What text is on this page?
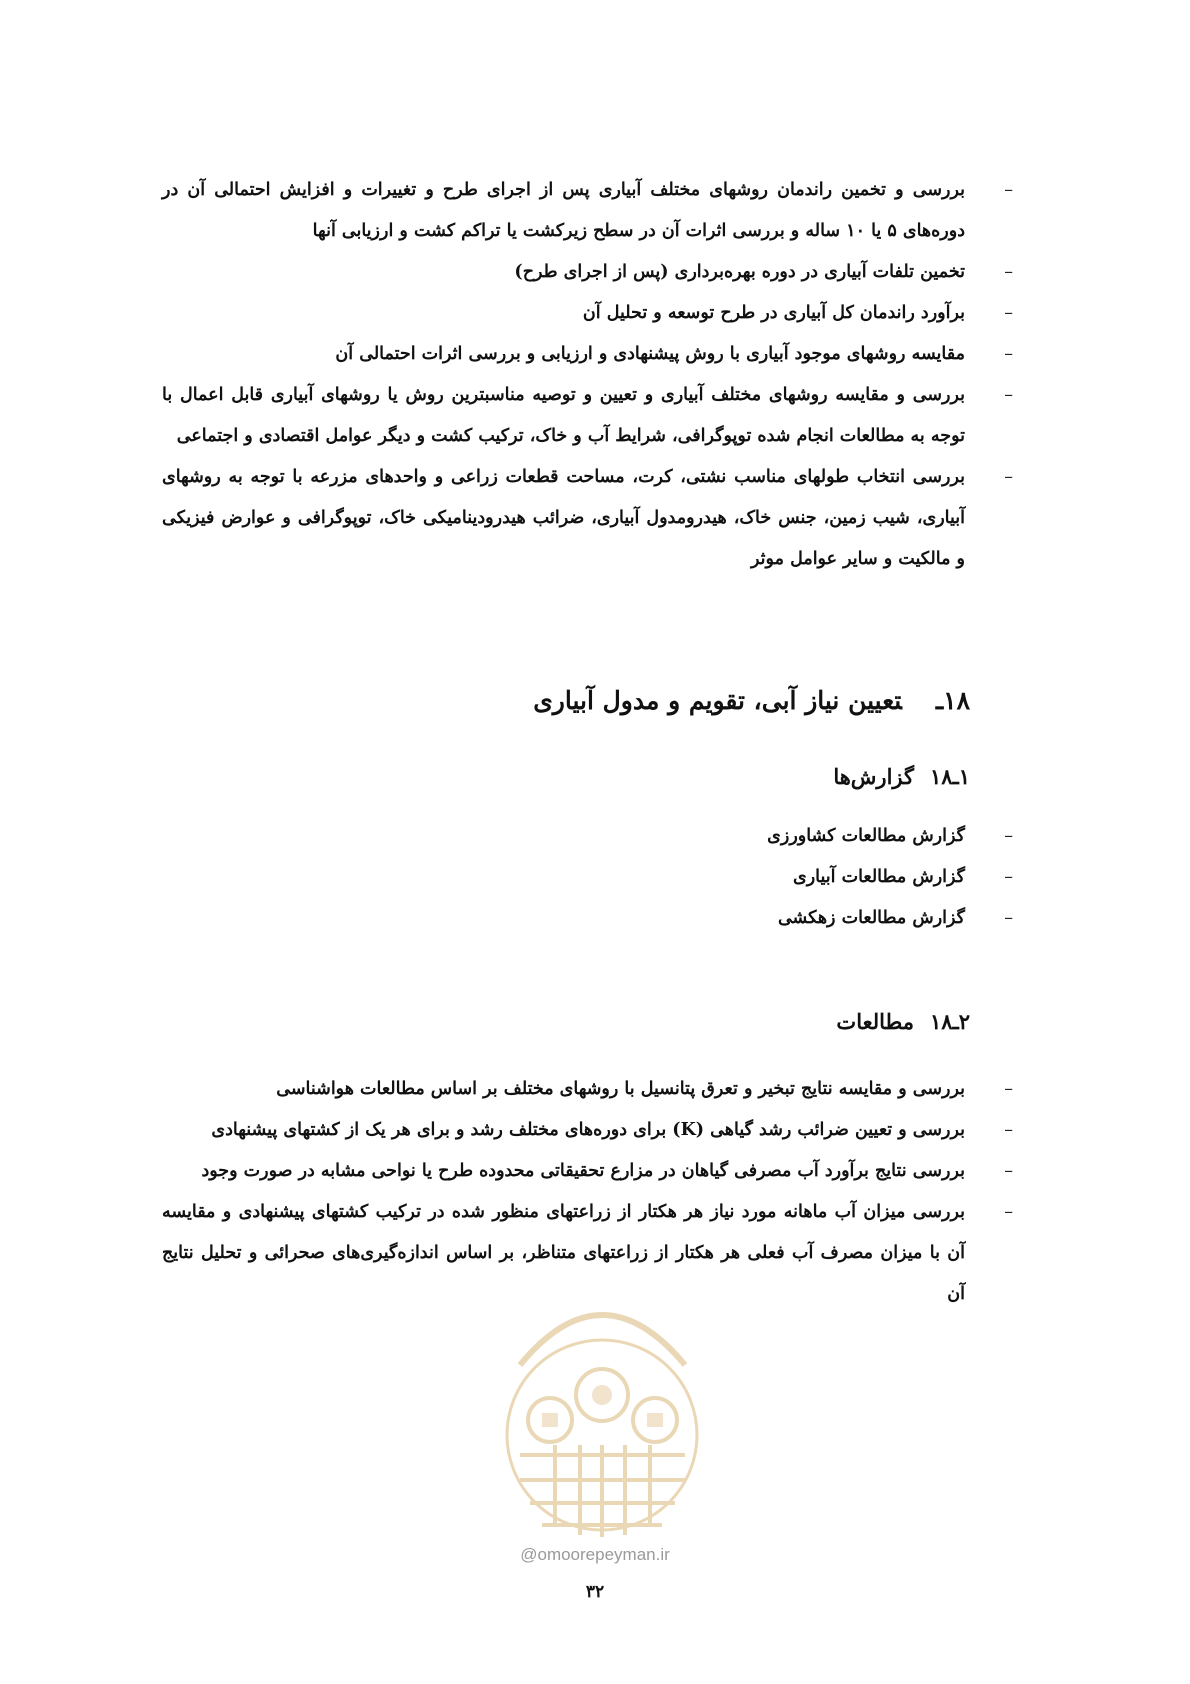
–
بررسی و تخمین راندمان روشهای مختلف آبیاری پس از اجرای طرح و تغییرات و افزایش احتمالی آن در دوره‌های ۵ یا ۱۰ ساله و بررسی اثرات آن در سطح زیرکشت یا تراکم کشت و ارزیابی آنها
–
تخمین تلفات آبیاری در دوره بهره‌برداری (پس از اجرای طرح)
–
برآورد راندمان کل آبیاری در طرح توسعه و تحلیل آن
–
مقایسه روشهای موجود آبیاری با روش پیشنهادی و ارزیابی و بررسی اثرات احتمالی آن
–
بررسی و مقایسه روشهای مختلف آبیاری و تعیین و توصیه مناسبترین روش یا روشهای آبیاری قابل اعمال با توجه به مطالعات انجام شده توپوگرافی، شرایط آب و خاک، ترکیب کشت و دیگر عوامل اقتصادی و اجتماعی
–
بررسی انتخاب طولهای مناسب نشتی، کرت، مساحت قطعات زراعی و واحدهای مزرعه با توجه به روشهای آبیاری، شیب زمین، جنس خاک، هیدرومدول آبیاری، ضرائب هیدرودینامیکی خاک، توپوگرافی و عوارض فیزیکی و مالکیت و سایر عوامل موثر
۱۸ـتعیین نیاز آبی، تقویم و مدول آبیاری
۱ـ۱۸گزارش‌ها
–
گزارش مطالعات کشاورزی
–
گزارش مطالعات آبیاری
–
گزارش مطالعات زهکشی
۲ـ۱۸مطالعات
–
بررسی و مقایسه نتایج تبخیر و تعرق پتانسیل با روشهای مختلف بر اساس مطالعات هواشناسی
–
بررسی و تعیین ضرائب رشد گیاهی (K) برای دوره‌های مختلف رشد و برای هر یک از کشتهای پیشنهادی
–
بررسی نتایج برآورد آب مصرفی گیاهان در مزارع تحقیقاتی محدوده طرح یا نواحی مشابه در صورت وجود
–
بررسی میزان آب ماهانه مورد نیاز هر هکتار از زراعتهای منظور شده در ترکیب کشتهای پیشنهادی و مقایسه آن با میزان مصرف آب فعلی هر هکتار از زراعتهای متناظر، بر اساس اندازه‌گیری‌های صحرائی و تحلیل نتایج آن
@omoorepeyman.ir
۳۲
